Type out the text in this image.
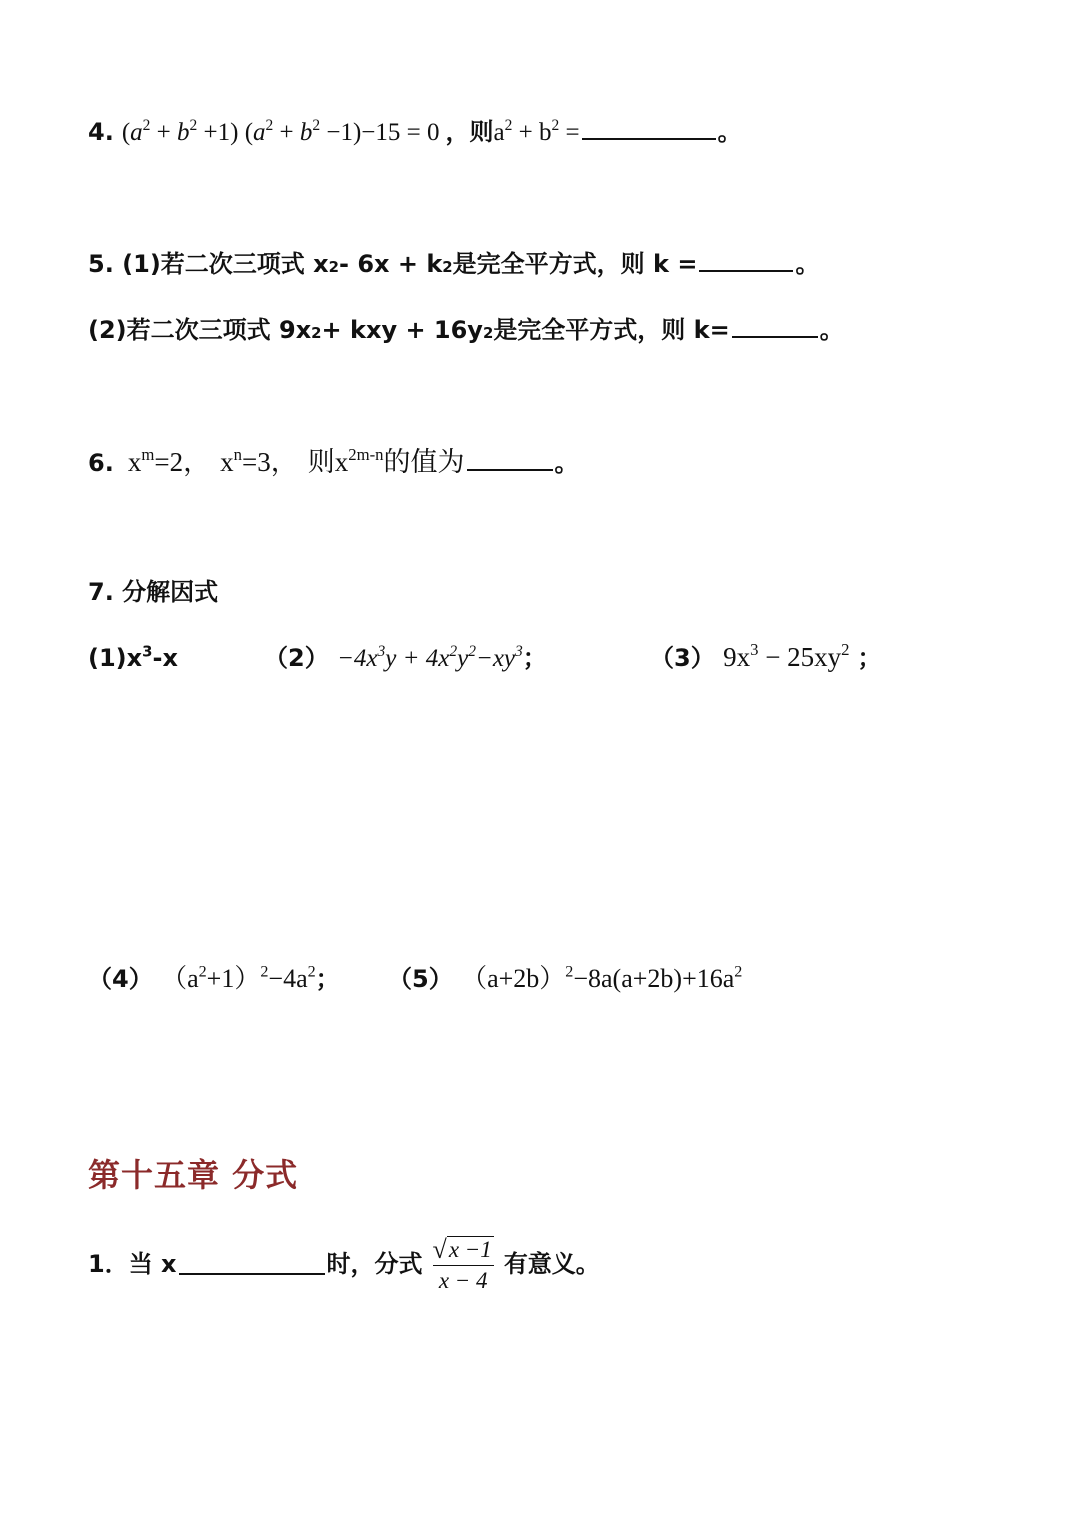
4 . $(a^2 + b^2 +1) (a^2 + b^2 -1)-15 = 0$ ，则 $a^2 + b^2$ =	。
5. (1)若二次三项式 x 2 - 6x + k 2 是完全平方式，则 k =	。
(2)若二次三项式 9x 2 + kxy + 16y 2 是完全平方式，则 k=	。
6. $x^m=2$， $x^n=3$， 则$x^{2m-n}$的值为	。
7. 分解因式
$(1)x^3-x$	$(2) -4x^3y + 4x^2y^2-xy^3$；	（3） $9x^3 - 25xy^2$ ；
（4） $(a^2+1)^2-4a^2$；	（5） $(a+2b)^2-8a(a+2b)+16a^2$
第十五章 分式
1．当 x	时，分式 $\frac{√ x -1}{x - 4}$ 有意义。
